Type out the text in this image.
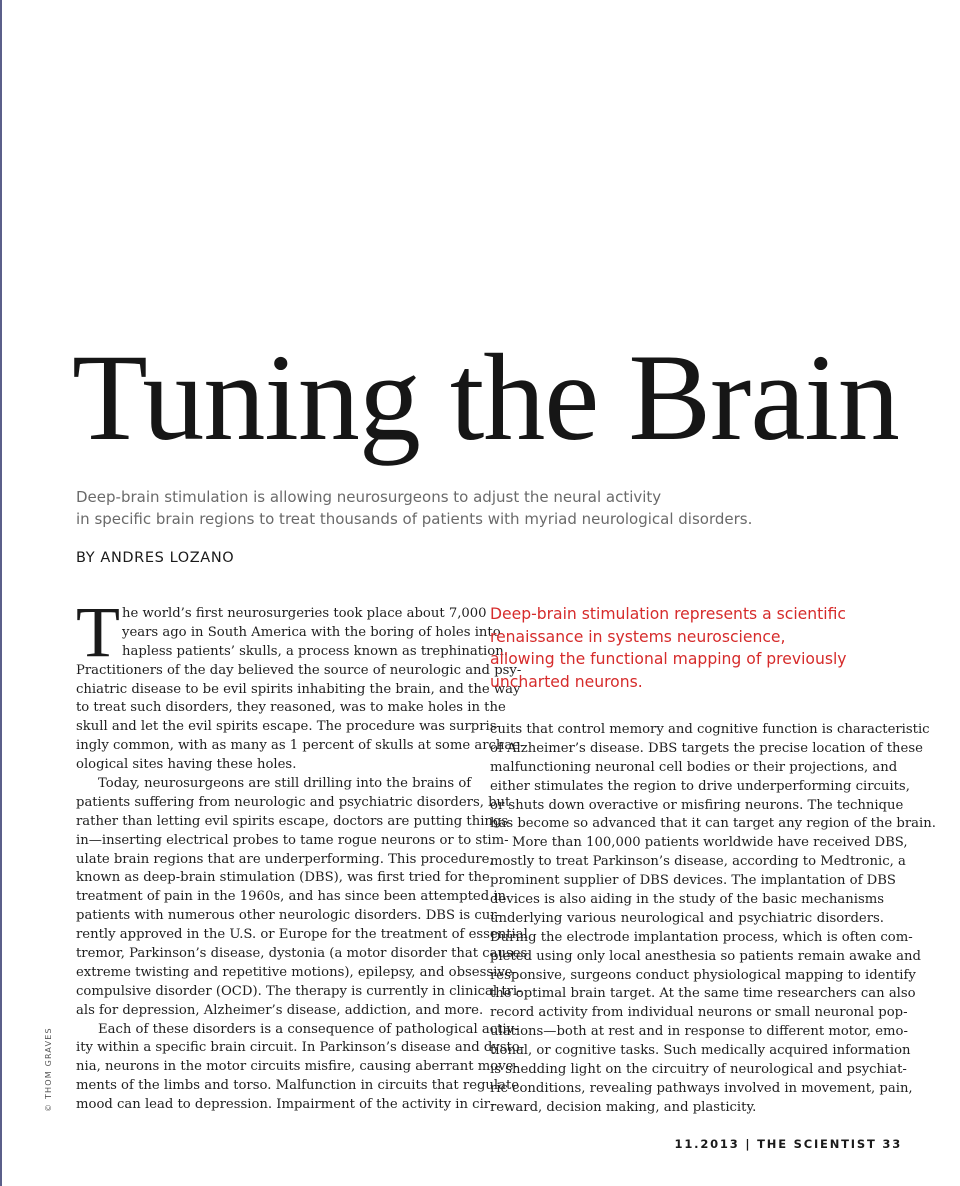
Tuning the Brain
Deep-brain stimulation is allowing neurosurgeons to adjust the neural activity
in specific brain regions to treat thousands of patients with myriad neurological disorders.
BY ANDRES LOZANO
T he world’s first neurosurgeries took place about 7,000
years ago in South America with the boring of holes into
hapless patients’ skulls, a process known as trephination.
Practitioners of the day believed the source of neurologic and psy-
chiatric disease to be evil spirits inhabiting the brain, and the way
to treat such disorders, they reasoned, was to make holes in the
skull and let the evil spirits escape. The procedure was surpris-
ingly common, with as many as 1 percent of skulls at some archae-
ological sites having these holes.
Today, neurosurgeons are still drilling into the brains of
patients suffering from neurologic and psychiatric disorders, but
rather than letting evil spirits escape, doctors are putting things
in—inserting electrical probes to tame rogue neurons or to stim-
ulate brain regions that are underperforming. This procedure,
known as deep-brain stimulation (DBS), was first tried for the
treatment of pain in the 1960s, and has since been attempted in
patients with numerous other neurologic disorders. DBS is cur-
rently approved in the U.S. or Europe for the treatment of essential
tremor, Parkinson’s disease, dystonia (a motor disorder that causes
extreme twisting and repetitive motions), epilepsy, and obsessive-
compulsive disorder (OCD). The therapy is currently in clinical tri-
als for depression, Alzheimer’s disease, addiction, and more.
Each of these disorders is a consequence of pathological activ-
ity within a specific brain circuit. In Parkinson’s disease and dysto-
nia, neurons in the motor circuits misfire, causing aberrant move-
ments of the limbs and torso. Malfunction in circuits that regulate
mood can lead to depression. Impairment of the activity in cir-
Deep-brain stimulation represents a scientific
renaissance in systems neuroscience,
allowing the functional mapping of previously
uncharted neurons.
cuits that control memory and cognitive function is characteristic
of Alzheimer’s disease. DBS targets the precise location of these
malfunctioning neuronal cell bodies or their projections, and
either stimulates the region to drive underperforming circuits,
or shuts down overactive or misfiring neurons. The technique
has become so advanced that it can target any region of the brain.
More than 100,000 patients worldwide have received DBS,
mostly to treat Parkinson’s disease, according to Medtronic, a
prominent supplier of DBS devices. The implantation of DBS
devices is also aiding in the study of the basic mechanisms
underlying various neurological and psychiatric disorders.
During the electrode implantation process, which is often com-
pleted using only local anesthesia so patients remain awake and
responsive, surgeons conduct physiological mapping to identify
the optimal brain target. At the same time researchers can also
record activity from individual neurons or small neuronal pop-
ulations—both at rest and in response to different motor, emo-
tional, or cognitive tasks. Such medically acquired information
is shedding light on the circuitry of neurological and psychiat-
ric conditions, revealing pathways involved in movement, pain,
reward, decision making, and plasticity.
© THOM GRAVES
11.2013 | THE SCIENTIST 33
